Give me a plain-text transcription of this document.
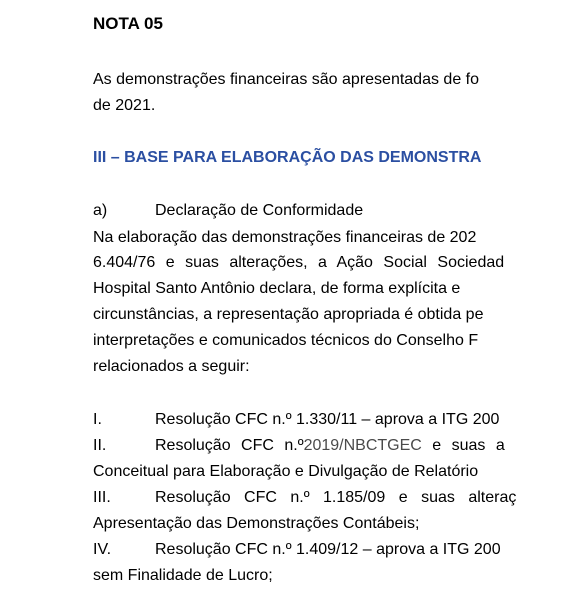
NOTA 05
As demonstrações financeiras são apresentadas de fo
de 2021.
III – BASE PARA ELABORAÇÃO DAS DEMONSTRA
a)	Declaração de Conformidade
Na elaboração das demonstrações financeiras de 202
6.404/76 e suas alterações, a Ação Social Sociedad
Hospital Santo Antônio declara, de forma explícita e
circunstâncias, a representação apropriada é obtida pe
interpretações e comunicados técnicos do Conselho F
relacionados a seguir:
I.	Resolução CFC n.º 1.330/11 – aprova a ITG 200
II.	Resolução CFC n.º2019/NBCTGEC e suas a
Conceitual para Elaboração e Divulgação de Relatório
III.	Resolução CFC n.º 1.185/09 e suas alteraç
Apresentação das Demonstrações Contábeis;
IV.	Resolução CFC n.º 1.409/12 – aprova a ITG 200
sem Finalidade de Lucro;
